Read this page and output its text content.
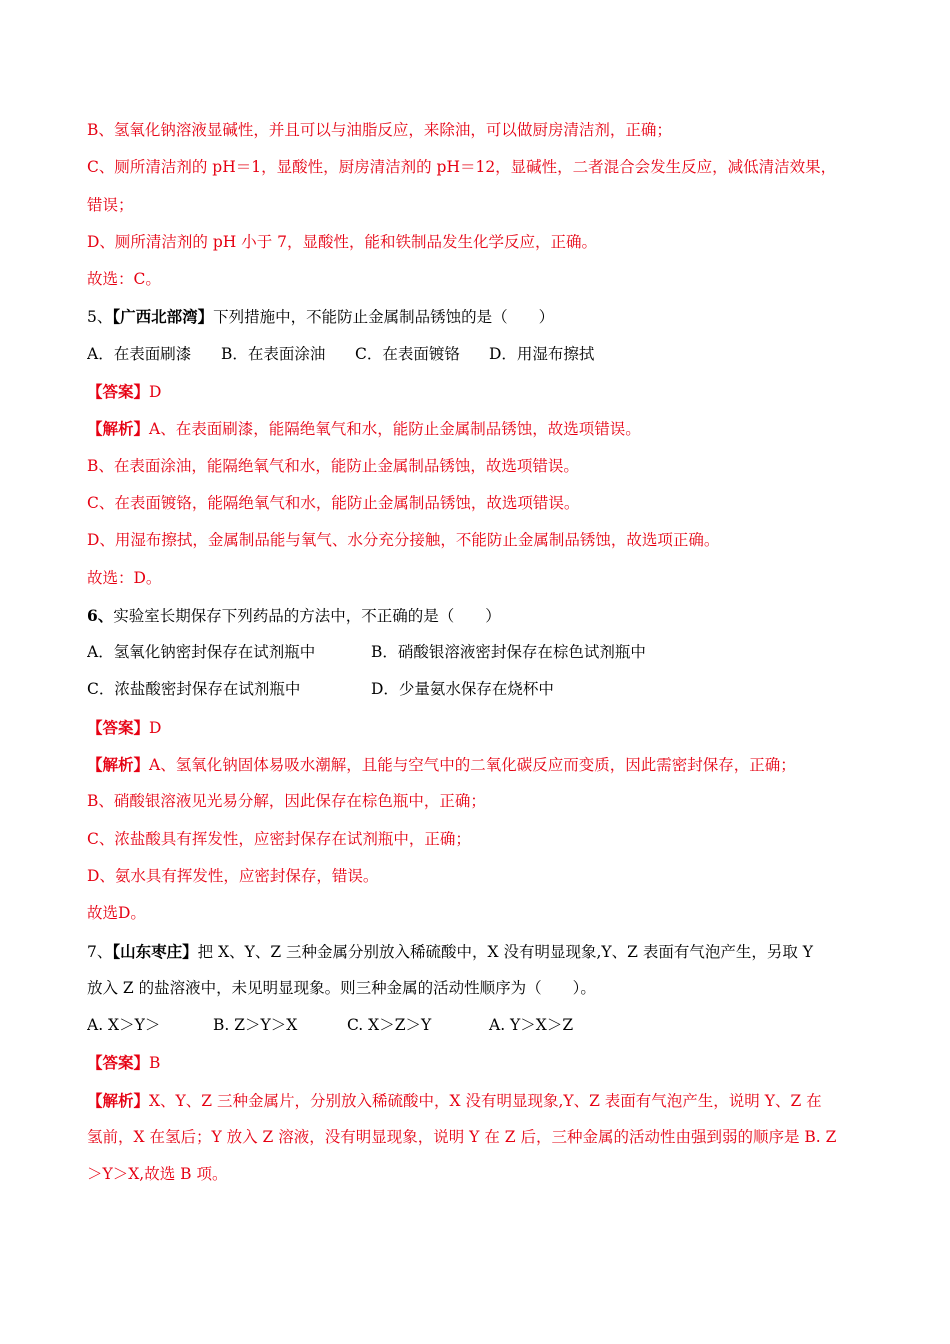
B、氢氧化钠溶液显碱性，并且可以与油脂反应，来除油，可以做厨房清洁剂，正确；
C、厕所清洁剂的 pH＝1，显酸性，厨房清洁剂的 pH＝12，显碱性，二者混合会发生反应，减低清洁效果，
错误；
D、厕所清洁剂的 pH 小于 7，显酸性，能和铁制品发生化学反应，正确。
故选：C。
5、【广西北部湾】下列措施中，不能防止金属制品锈蚀的是（　　）
A．在表面刷漆 B．在表面涂油 C．在表面镀铬 D．用湿布擦拭
【答案】D
【解析】A、在表面刷漆，能隔绝氧气和水，能防止金属制品锈蚀，故选项错误。
B、在表面涂油，能隔绝氧气和水，能防止金属制品锈蚀，故选项错误。
C、在表面镀铬，能隔绝氧气和水，能防止金属制品锈蚀，故选项错误。
D、用湿布擦拭，金属制品能与氧气、水分充分接触，不能防止金属制品锈蚀，故选项正确。
故选：D。
6、实验室长期保存下列药品的方法中，不正确的是（　　）
A．氢氧化钠密封保存在试剂瓶中	B．硝酸银溶液密封保存在棕色试剂瓶中
C．浓盐酸密封保存在试剂瓶中	D．少量氨水保存在烧杯中
【答案】D
【解析】A、氢氧化钠固体易吸水潮解，且能与空气中的二氧化碳反应而变质，因此需密封保存，正确；
B、硝酸银溶液见光易分解，因此保存在棕色瓶中，正确；
C、浓盐酸具有挥发性，应密封保存在试剂瓶中，正确；
D、氨水具有挥发性，应密封保存，错误。
故选D。
7、【山东枣庄】把 X、Y、Z 三种金属分别放入稀硫酸中，X 没有明显现象,Y、Z 表面有气泡产生，另取 Y
放入 Z 的盐溶液中，未见明显现象。则三种金属的活动性顺序为（　　）。
A. X＞Y＞	B. Z＞Y＞X	C. X＞Z＞Y	A. Y＞X＞Z
【答案】B
【解析】X、Y、Z 三种金属片，分别放入稀硫酸中，X 没有明显现象,Y、Z 表面有气泡产生，说明 Y、Z 在
氢前，X 在氢后；Y 放入 Z 溶液，没有明显现象，说明 Y 在 Z 后，三种金属的活动性由强到弱的顺序是 B. Z
＞Y＞X,故选 B 项。
